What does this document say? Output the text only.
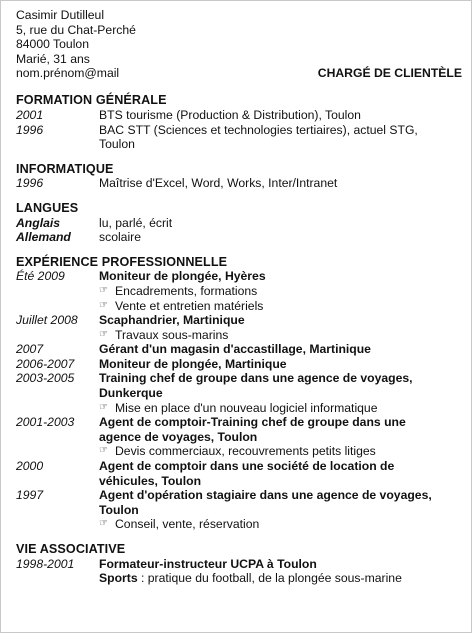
Casimir Dutilleul
5, rue du Chat-Perché
84000 Toulon
Marié, 31 ans
nom.prénom@mail	CHARGÉ DE CLIENTÈLE
FORMATION GÉNÉRALE
2001	BTS tourisme (Production & Distribution), Toulon
1996	BAC STT (Sciences et technologies tertiaires), actuel STG,
Toulon
INFORMATIQUE
1996	Maîtrise d'Excel, Word, Works, Inter/Intranet
LANGUES
Anglais	lu, parlé, écrit
Allemand	scolaire
EXPÉRIENCE PROFESSIONNELLE
Été 2009	Moniteur de plongée, Hyères
☞ Encadrements, formations
☞ Vente et entretien matériels
Juillet 2008	Scaphandrier, Martinique
☞ Travaux sous-marins
2007	Gérant d'un magasin d'accastillage, Martinique
2006-2007	Moniteur de plongée, Martinique
2003-2005	Training chef de groupe dans une agence de voyages,
Dunkerque
☞ Mise en place d'un nouveau logiciel informatique
2001-2003	Agent de comptoir-Training chef de groupe dans une
agence de voyages, Toulon
☞ Devis commerciaux, recouvrements petits litiges
2000	Agent de comptoir dans une société de location de
véhicules, Toulon
1997	Agent d'opération stagiaire dans une agence de voyages,
Toulon
☞ Conseil, vente, réservation
VIE ASSOCIATIVE
1998-2001	Formateur-instructeur UCPA à Toulon
Sports : pratique du football, de la plongée sous-marine
